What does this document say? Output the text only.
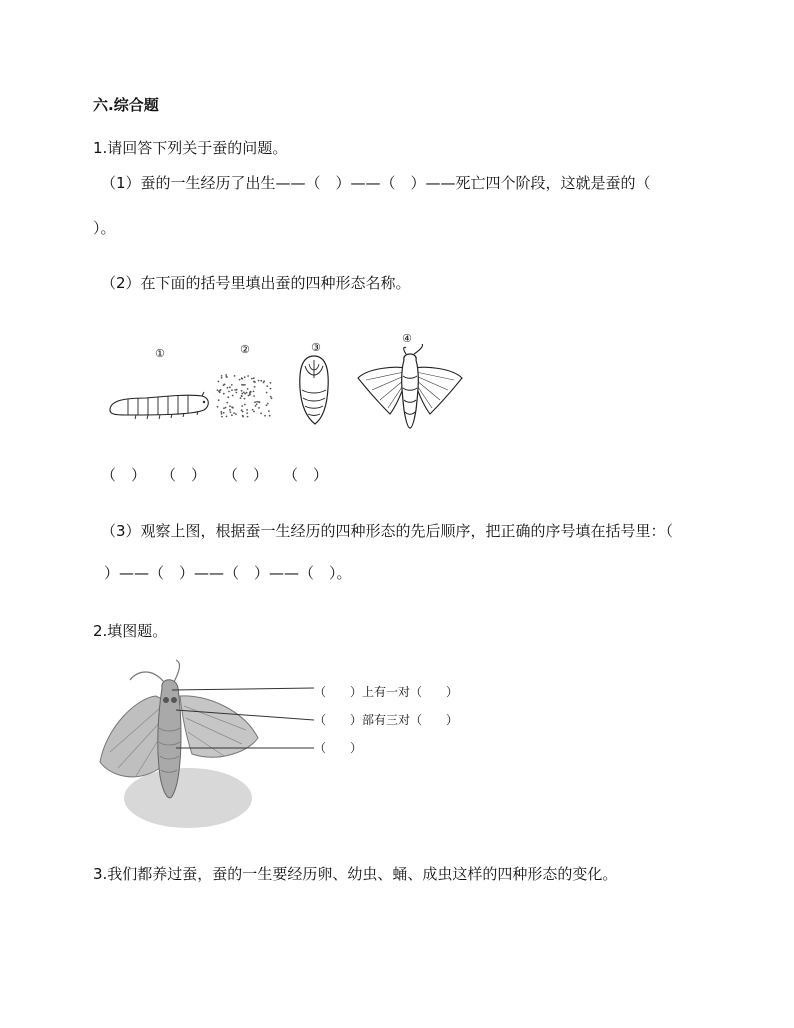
六.综合题
1.请回答下列关于蚕的问题。
（1）蚕的一生经历了出生——（　）——（　）——死亡四个阶段，这就是蚕的（
）。
（2）在下面的括号里填出蚕的四种形态名称。
①	②	③
④
（　） （　） （　） （　）
（3）观察上图，根据蚕一生经历的四种形态的先后顺序，把正确的序号填在括号里：（
）——（　）——（　）——（　）。
2.填图题。
（　　）上有一对（　　）
（　　）部有三对（　　）
（　　）
3.我们都养过蚕，蚕的一生要经历卵、幼虫、蛹、成虫这样的四种形态的变化。
